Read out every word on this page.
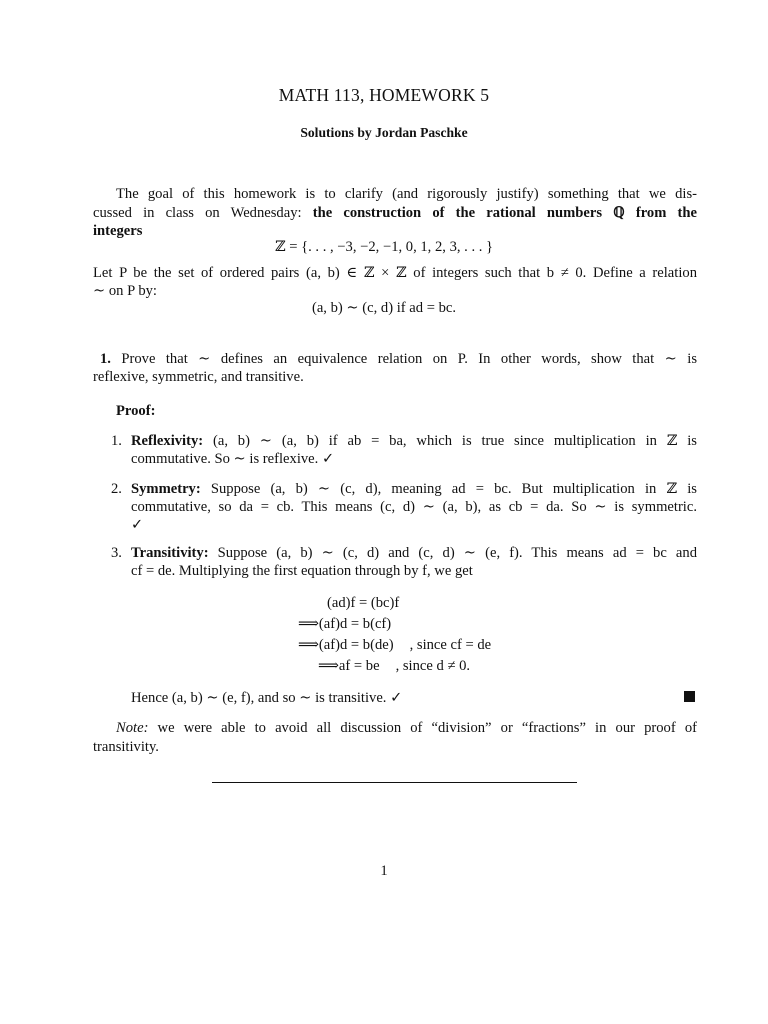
MATH 113, HOMEWORK 5
Solutions by Jordan Paschke
The goal of this homework is to clarify (and rigorously justify) something that we dis-
cussed in class on Wednesday: the construction of the rational numbers ℚ from the
integers
ℤ = {. . . , −3, −2, −1, 0, 1, 2, 3, . . . }
Let P be the set of ordered pairs (a, b) ∈ ℤ × ℤ of integers such that b ≠ 0. Define a relation
∼ on P by:
(a, b) ∼ (c, d) if ad = bc.
1. Prove that ∼ defines an equivalence relation on P. In other words, show that ∼ is
reflexive, symmetric, and transitive.
Proof:
1. Reflexivity: (a, b) ∼ (a, b) if ab = ba, which is true since multiplication in ℤ is
commutative. So ∼ is reflexive. ✓
2. Symmetry: Suppose (a, b) ∼ (c, d), meaning ad = bc. But multiplication in ℤ is
commutative, so da = cb. This means (c, d) ∼ (a, b), as cb = da. So ∼ is symmetric.
✓
3. Transitivity: Suppose (a, b) ∼ (c, d) and (c, d) ∼ (e, f). This means ad = bc and
cf = de. Multiplying the first equation through by f, we get
(ad)f = (bc)f
⟹(af)d = b(cf)
⟹(af)d = b(de) , since cf = de
⟹af = be , since d ≠ 0.
Hence (a, b) ∼ (e, f), and so ∼ is transitive. ✓
Note: we were able to avoid all discussion of “division” or “fractions” in our proof of
transitivity.
1
